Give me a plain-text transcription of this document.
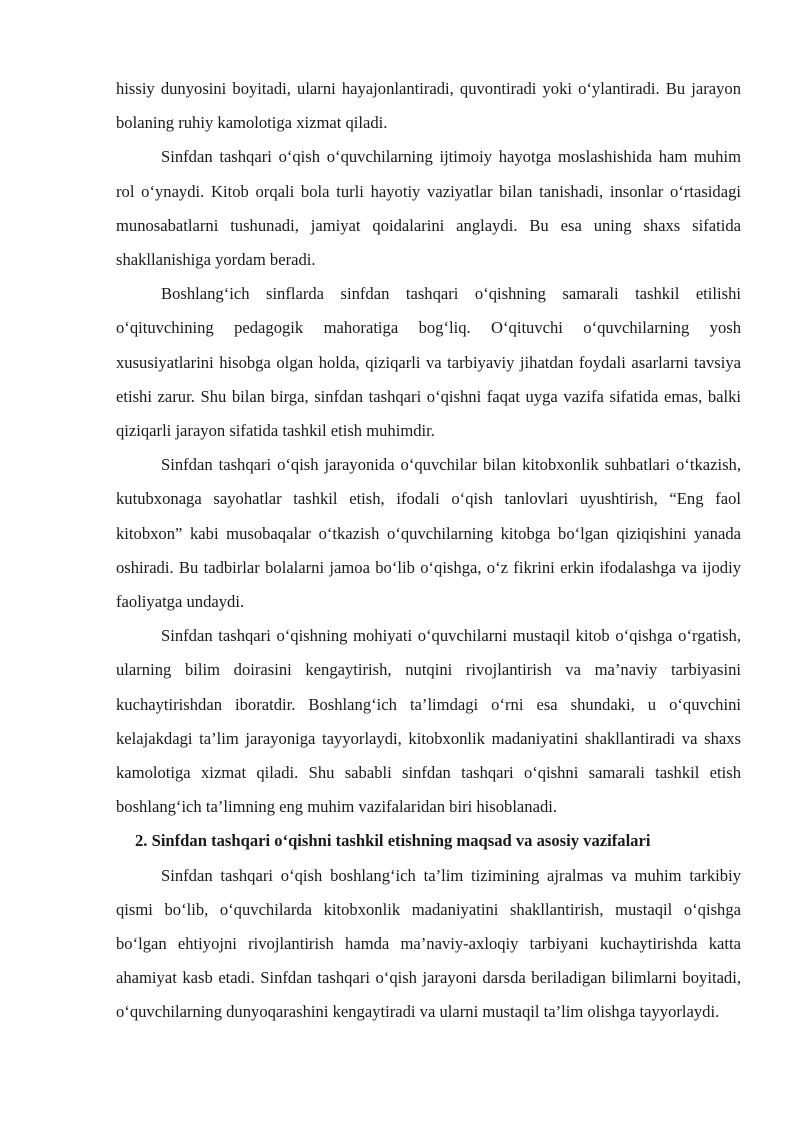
hissiy dunyosini boyitadi, ularni hayajonlantiradi, quvontiradi yoki o‘ylantiradi. Bu jarayon bolaning ruhiy kamolotiga xizmat qiladi.

Sinfdan tashqari o‘qish o‘quvchilarning ijtimoiy hayotga moslashishida ham muhim rol o‘ynaydi. Kitob orqali bola turli hayotiy vaziyatlar bilan tanishadi, insonlar o‘rtasidagi munosabatlarni tushunadi, jamiyat qoidalarini anglaydi. Bu esa uning shaxs sifatida shakllanishiga yordam beradi.

Boshlang‘ich sinflarda sinfdan tashqari o‘qishning samarali tashkil etilishi o‘qituvchining pedagogik mahoratiga bog‘liq. O‘qituvchi o‘quvchilarning yosh xususiyatlarini hisobga olgan holda, qiziqarli va tarbiyaviy jihatdan foydali asarlarni tavsiya etishi zarur. Shu bilan birga, sinfdan tashqari o‘qishni faqat uyga vazifa sifatida emas, balki qiziqarli jarayon sifatida tashkil etish muhimdir.

Sinfdan tashqari o‘qish jarayonida o‘quvchilar bilan kitobxonlik suhbatlari o‘tkazish, kutubxonaga sayohatlar tashkil etish, ifodali o‘qish tanlovlari uyushtirish, “Eng faol kitobxon” kabi musobaqalar o‘tkazish o‘quvchilarning kitobga bo‘lgan qiziqishini yanada oshiradi. Bu tadbirlar bolalarni jamoa bo‘lib o‘qishga, o‘z fikrini erkin ifodalashga va ijodiy faoliyatga undaydi.

Sinfdan tashqari o‘qishning mohiyati o‘quvchilarni mustaqil kitob o‘qishga o‘rgatish, ularning bilim doirasini kengaytirish, nutqini rivojlantirish va ma’naviy tarbiyasini kuchaytirishdan iboratdir. Boshlang‘ich ta’limdagi o‘rni esa shundaki, u o‘quvchini kelajakdagi ta’lim jarayoniga tayyorlaydi, kitobxonlik madaniyatini shakllantiradi va shaxs kamolotiga xizmat qiladi. Shu sababli sinfdan tashqari o‘qishni samarali tashkil etish boshlang‘ich ta’limning eng muhim vazifalaridan biri hisoblanadi.

2. Sinfdan tashqari o‘qishni tashkil etishning maqsad va asosiy vazifalari

Sinfdan tashqari o‘qish boshlang‘ich ta’lim tizimining ajralmas va muhim tarkibiy qismi bo‘lib, o‘quvchilarda kitobxonlik madaniyatini shakllantirish, mustaqil o‘qishga bo‘lgan ehtiyojni rivojlantirish hamda ma’naviy-axloqiy tarbiyani kuchaytirishda katta ahamiyat kasb etadi. Sinfdan tashqari o‘qish jarayoni darsda beriladigan bilimlarni boyitadi, o‘quvchilarning dunyoqarashini kengaytiradi va ularni mustaqil ta’lim olishga tayyorlaydi.
